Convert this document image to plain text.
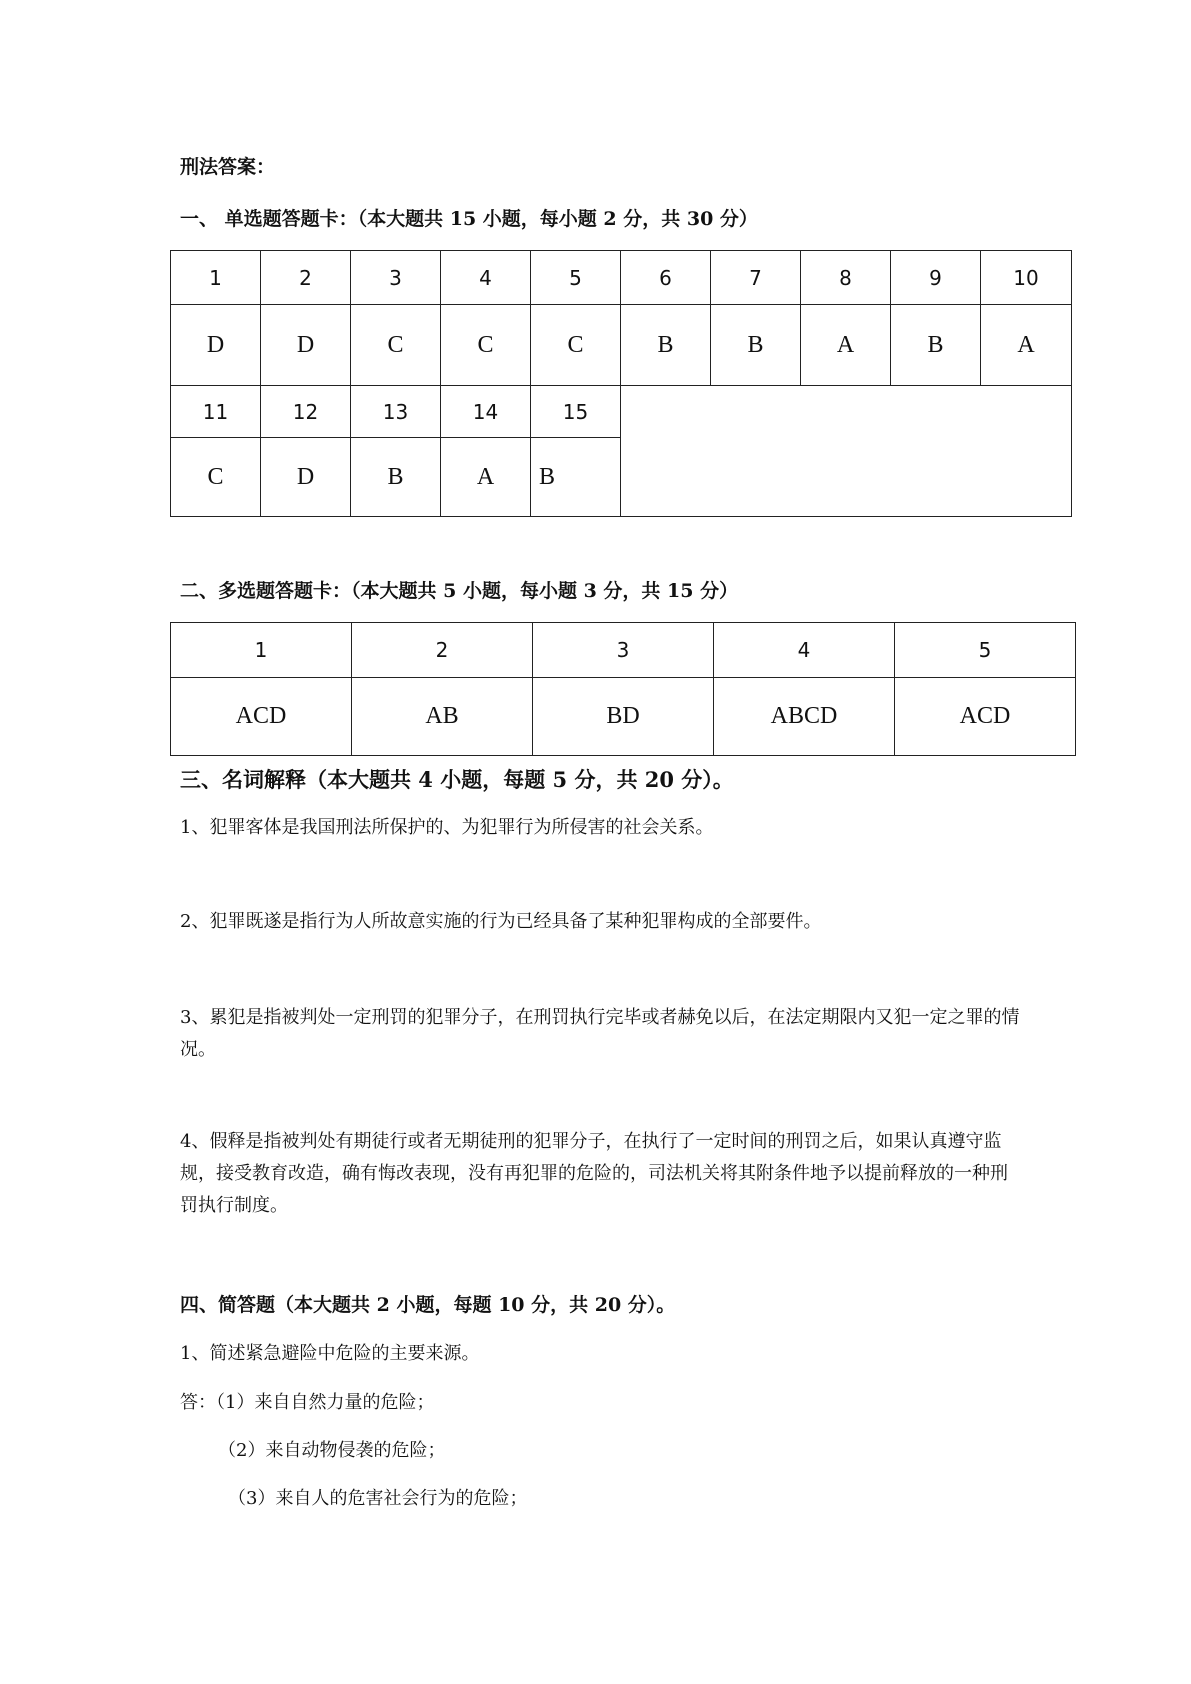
刑法答案：
一、 单选题答题卡：（本大题共 15 小题，每小题 2 分，共 30 分）
1	2	3	4	5	6	7	8	9	10
D	D	C	C	C	B	B	A	B	A
11	12	13	14	15					
C	D	B	A	B					
二、多选题答题卡：（本大题共 5 小题，每小题 3 分，共 15 分）
1	2	3	4	5
ACD	AB	BD	ABCD	ACD
三、名词解释（本大题共 4 小题，每题 5 分，共 20 分）。
1、犯罪客体是我国刑法所保护的、为犯罪行为所侵害的社会关系。
2、犯罪既遂是指行为人所故意实施的行为已经具备了某种犯罪构成的全部要件。
3、累犯是指被判处一定刑罚的犯罪分子，在刑罚执行完毕或者赫免以后，在法定期限内又犯一定之罪的情况。
4、假释是指被判处有期徒行或者无期徒刑的犯罪分子，在执行了一定时间的刑罚之后，如果认真遵守监规，接受教育改造，确有悔改表现，没有再犯罪的危险的，司法机关将其附条件地予以提前释放的一种刑罚执行制度。
四、简答题（本大题共 2 小题，每题 10 分，共 20 分）。
1、简述紧急避险中危险的主要来源。
答：（1）来自自然力量的危险；
（2）来自动物侵袭的危险；
（3）来自人的危害社会行为的危险；
